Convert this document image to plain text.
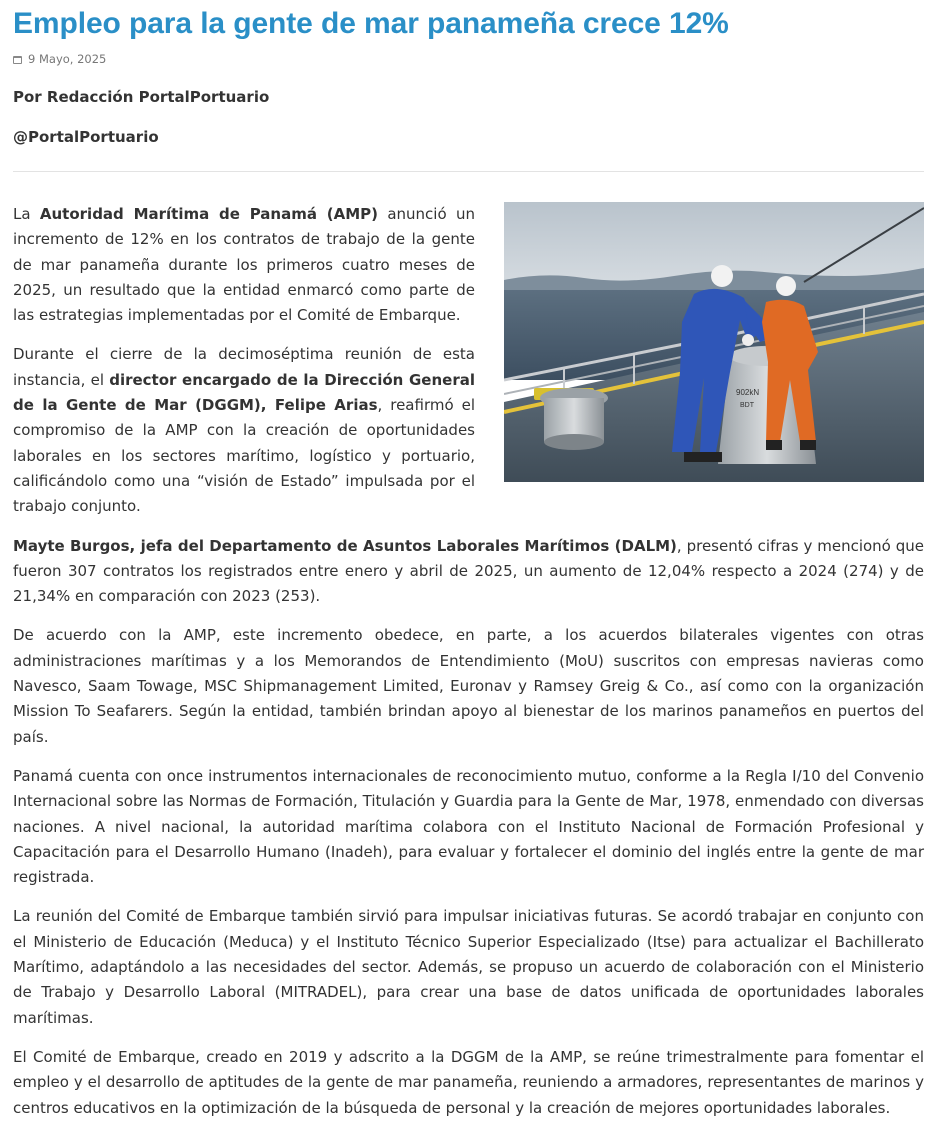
Empleo para la gente de mar panameña crece 12%
9 Mayo, 2025

Por Redacción PortalPortuario

@PortalPortuario

902kN
BDT

La Autoridad Marítima de Panamá (AMP) anunció un incremento de 12% en los contratos de trabajo de la gente de mar panameña durante los primeros cuatro meses de 2025, un resultado que la entidad enmarcó como parte de las estrategias implementadas por el Comité de Embarque.

Durante el cierre de la decimoséptima reunión de esta instancia, el director encargado de la Dirección General de la Gente de Mar (DGGM), Felipe Arias, reafirmó el compromiso de la AMP con la creación de oportunidades laborales en los sectores marítimo, logístico y portuario, calificándolo como una “visión de Estado” impulsada por el trabajo conjunto.

Mayte Burgos, jefa del Departamento de Asuntos Laborales Marítimos (DALM), presentó cifras y mencionó que fueron 307 contratos los registrados entre enero y abril de 2025, un aumento de 12,04% respecto a 2024 (274) y de 21,34% en comparación con 2023 (253).

De acuerdo con la AMP, este incremento obedece, en parte, a los acuerdos bilaterales vigentes con otras administraciones marítimas y a los Memorandos de Entendimiento (MoU) suscritos con empresas navieras como Navesco, Saam Towage, MSC Shipmanagement Limited, Euronav y Ramsey Greig & Co., así como con la organización Mission To Seafarers. Según la entidad, también brindan apoyo al bienestar de los marinos panameños en puertos del país.

Panamá cuenta con once instrumentos internacionales de reconocimiento mutuo, conforme a la Regla I/10 del Convenio Internacional sobre las Normas de Formación, Titulación y Guardia para la Gente de Mar, 1978, enmendado con diversas naciones. A nivel nacional, la autoridad marítima colabora con el Instituto Nacional de Formación Profesional y Capacitación para el Desarrollo Humano (Inadeh), para evaluar y fortalecer el dominio del inglés entre la gente de mar registrada.

La reunión del Comité de Embarque también sirvió para impulsar iniciativas futuras. Se acordó trabajar en conjunto con el Ministerio de Educación (Meduca) y el Instituto Técnico Superior Especializado (Itse) para actualizar el Bachillerato Marítimo, adaptándolo a las necesidades del sector. Además, se propuso un acuerdo de colaboración con el Ministerio de Trabajo y Desarrollo Laboral (MITRADEL), para crear una base de datos unificada de oportunidades laborales marítimas.

El Comité de Embarque, creado en 2019 y adscrito a la DGGM de la AMP, se reúne trimestralmente para fomentar el empleo y el desarrollo de aptitudes de la gente de mar panameña, reuniendo a armadores, representantes de marinos y centros educativos en la optimización de la búsqueda de personal y la creación de mejores oportunidades laborales.
